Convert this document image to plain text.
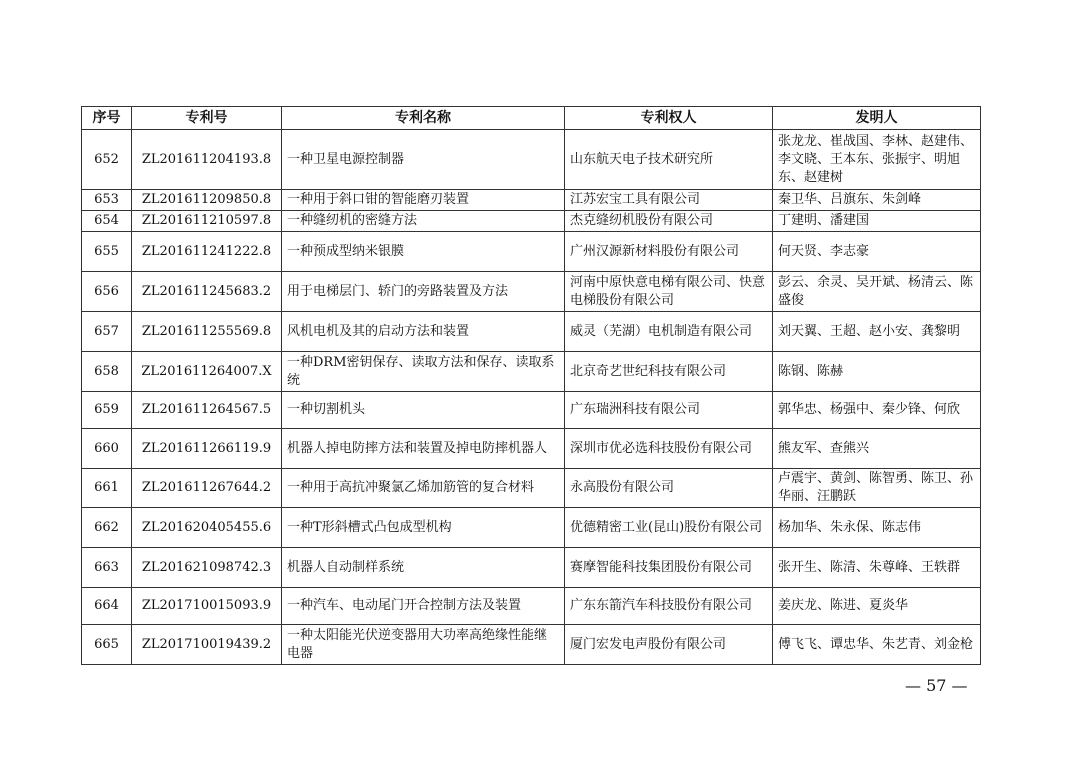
序号	专利号	专利名称	专利权人	发明人
652	ZL201611204193.8	一种卫星电源控制器	山东航天电子技术研究所	张龙龙、崔战国、李林、赵建伟、李文晓、王本东、张振宇、明旭东、赵建树
653	ZL201611209850.8	一种用于斜口钳的智能磨刃装置	江苏宏宝工具有限公司	秦卫华、吕旗东、朱剑峰
654	ZL201611210597.8	一种缝纫机的密缝方法	杰克缝纫机股份有限公司	丁建明、潘建国
655	ZL201611241222.8	一种预成型纳米银膜	广州汉源新材料股份有限公司	何天贤、李志豪
656	ZL201611245683.2	用于电梯层门、轿门的旁路装置及方法	河南中原快意电梯有限公司、快意电梯股份有限公司	彭云、余灵、吴开斌、杨清云、陈盛俊
657	ZL201611255569.8	风机电机及其的启动方法和装置	威灵（芜湖）电机制造有限公司	刘天翼、王超、赵小安、龚黎明
658	ZL201611264007.X	一种DRM密钥保存、读取方法和保存、读取系统	北京奇艺世纪科技有限公司	陈钢、陈赫
659	ZL201611264567.5	一种切割机头	广东瑞洲科技有限公司	郭华忠、杨强中、秦少锋、何欣
660	ZL201611266119.9	机器人掉电防摔方法和装置及掉电防摔机器人	深圳市优必选科技股份有限公司	熊友军、查熊兴
661	ZL201611267644.2	一种用于高抗冲聚氯乙烯加筋管的复合材料	永高股份有限公司	卢震宇、黄剑、陈智勇、陈卫、孙华丽、汪鹏跃
662	ZL201620405455.6	一种T形斜槽式凸包成型机构	优德精密工业(昆山)股份有限公司	杨加华、朱永保、陈志伟
663	ZL201621098742.3	机器人自动制样系统	赛摩智能科技集团股份有限公司	张开生、陈清、朱尊峰、王轶群
664	ZL201710015093.9	一种汽车、电动尾门开合控制方法及装置	广东东箭汽车科技股份有限公司	姜庆龙、陈进、夏炎华
665	ZL201710019439.2	一种太阳能光伏逆变器用大功率高绝缘性能继电器	厦门宏发电声股份有限公司	傅飞飞、谭忠华、朱艺青、刘金枪
— 57 —
